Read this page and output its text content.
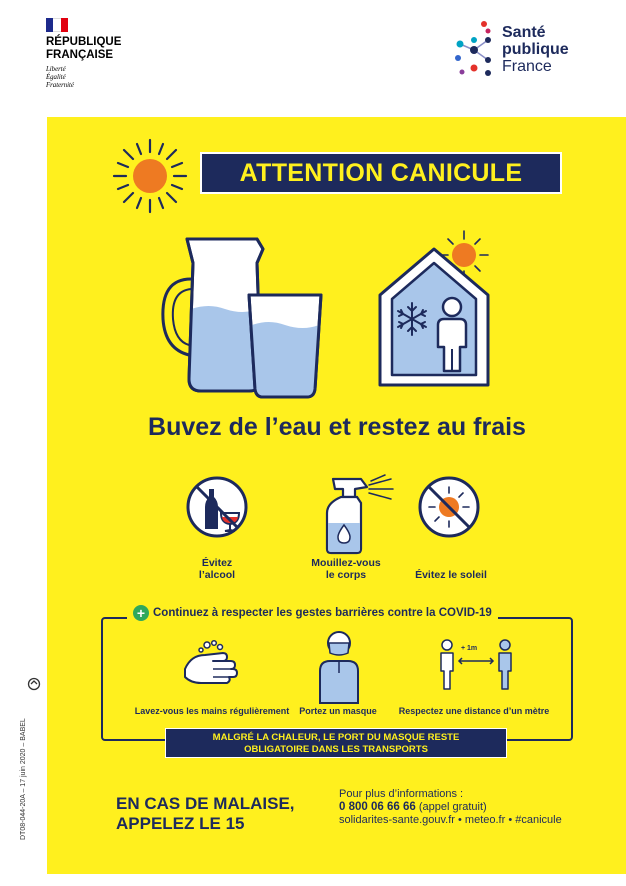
RÉPUBLIQUE
FRANÇAISE
Liberté
Égalité
Fraternité
Santé
publique
France
DT08-044-20A – 17 juin 2020 – BABEL
ATTENTION CANICULE
Buvez de l’eau et restez au frais
Évitez
l’alcool
Mouillez-vous
le corps	Évitez le soleil
+ Continuez à respecter les gestes barrières contre la COVID-19
+ 1m
Lavez-vous les mains régulièrement	Portez un masque	Respectez une distance d’un mètre
MALGRÉ LA CHALEUR, LE PORT DU MASQUE RESTE
OBLIGATOIRE DANS LES TRANSPORTS
EN CAS DE MALAISE,
APPELEZ LE 15
Pour plus d’informations :
0 800 06 66 66 (appel gratuit)
solidarites-sante.gouv.fr • meteo.fr • #canicule
